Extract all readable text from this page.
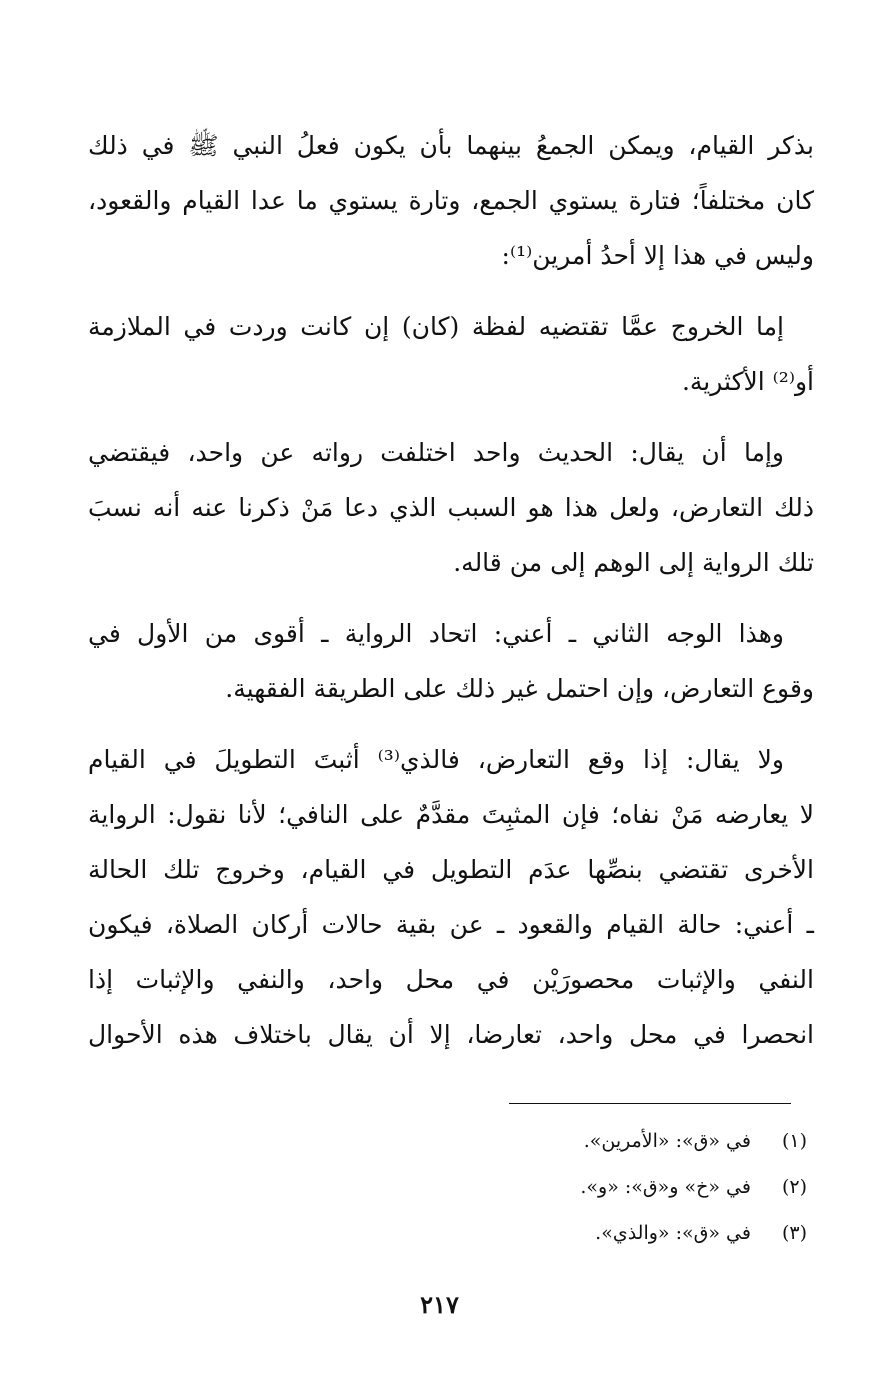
بذكر القيام، ويمكن الجمعُ بينهما بأن يكون فعلُ النبي ﷺ في ذلك
كان مختلفاً؛ فتارة يستوي الجمع، وتارة يستوي ما عدا القيام والقعود،
وليس في هذا إلا أحدُ أمرين⁽¹⁾:

إما الخروج عمَّا تقتضيه لفظة (كان) إن كانت وردت في الملازمة
أو⁽²⁾ الأكثرية.

وإما أن يقال: الحديث واحد اختلفت رواته عن واحد، فيقتضي
ذلك التعارض، ولعل هذا هو السبب الذي دعا مَنْ ذكرنا عنه أنه نسبَ
تلك الرواية إلى الوهم إلى من قاله.

وهذا الوجه الثاني ـ أعني: اتحاد الرواية ـ أقوى من الأول في
وقوع التعارض، وإن احتمل غير ذلك على الطريقة الفقهية.

ولا يقال: إذا وقع التعارض، فالذي⁽³⁾ أثبتَ التطويلَ في القيام
لا يعارضه مَنْ نفاه؛ فإن المثبِتَ مقدَّمٌ على النافي؛ لأنا نقول: الرواية
الأخرى تقتضي بنصِّها عدَم التطويل في القيام، وخروج تلك الحالة
ـ أعني: حالة القيام والقعود ـ عن بقية حالات أركان الصلاة، فيكون
النفي والإثبات محصورَيْن في محل واحد، والنفي والإثبات إذا
انحصرا في محل واحد، تعارضا، إلا أن يقال باختلاف هذه الأحوال

(١) في «ق»: «الأمرين».
(٢) في «خ» و«ق»: «و».
(٣) في «ق»: «والذي».
٢١٧
